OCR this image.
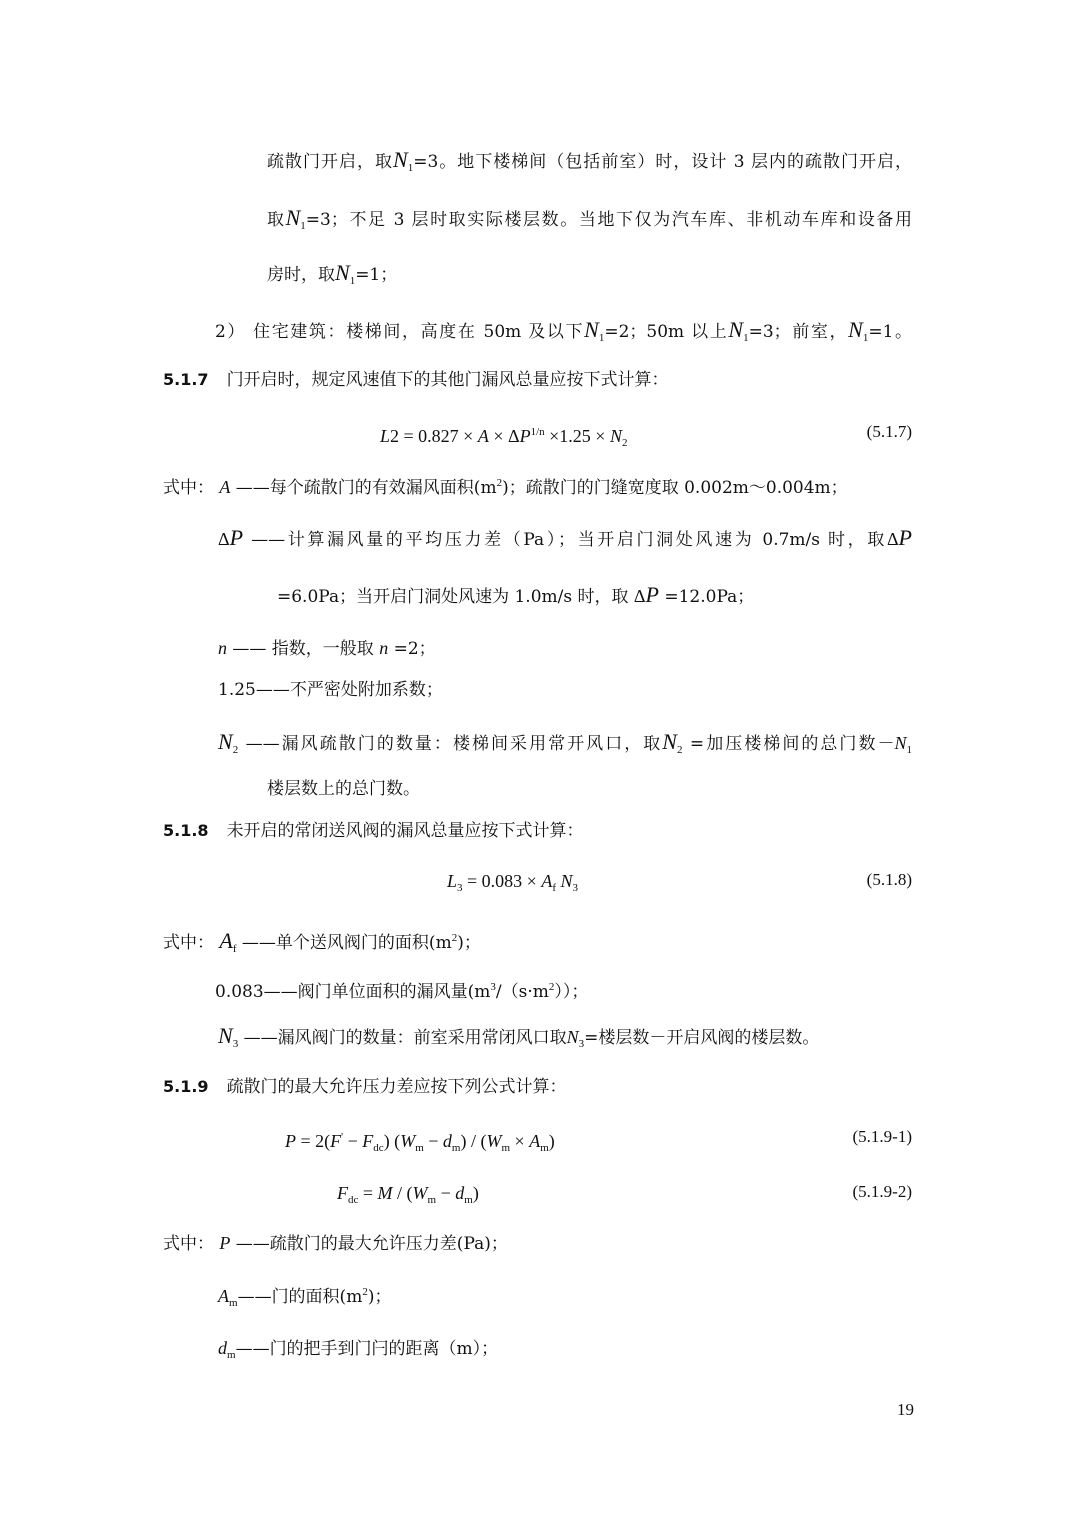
疏散门开启，取$N_1=3$。地下楼梯间（包括前室）时，设计 3 层内的疏散门开启，
取$N_1=3$；不足 3 层时取实际楼层数。当地下仅为汽车库、非机动车库和设备用
房时，取$N_1=1$；
2） 住宅建筑：楼梯间，高度在 50m 及以下$N_1=2$；50m 以上$N_1=3$；前室，$N_1=1$。
5.1.7 门开启时，规定风速值下的其他门漏风总量应按下式计算：
$L2 = 0.827 \times A \times \Delta P^{1/n} \times 1.25 \times N_2$
(5.1.7)
式中： A ——每个疏散门的有效漏风面积$(m^2)$；疏散门的门缝宽度取 0.002m～0.004m；
ΔP ——计算漏风量的平均压力差（Pa）；当开启门洞处风速为 0.7m/s 时，取ΔP
=6.0Pa；当开启门洞处风速为 1.0m/s 时，取 ΔP =12.0Pa；
n —— 指数，一般取 n =2；
1.25——不严密处附加系数；
$N_2$ ——漏风疏散门的数量：楼梯间采用常开风口，取$N_2$ =加压楼梯间的总门数$-N_1$
楼层数上的总门数。
5.1.8 未开启的常闭送风阀的漏风总量应按下式计算：
$L_3 = 0.083 \times A_f$ $N_3$	(5.1.8)
式中： $A_f$ ——单个送风阀门的面积$(m^2)$；
0.083——阀门单位面积的漏风量$(m^3/(s\cdot m^2))$；
$N_3$ ——漏风阀门的数量：前室采用常闭风口取$N_3=$楼层数－开启风阀的楼层数。
5.1.9 疏散门的最大允许压力差应按下列公式计算：
$P = 2(F' - F_{dc})$ $(W_m - d_m) / (W_m \times A_m)$	(5.1.9-1)
$F_{dc} = M / (W_m - d_m)$	(5.1.9-2)
式中： P ——疏散门的最大允许压力差(Pa)；
$A_m——$门的面积$(m^2)$；
$d_m——$门的把手到门闩的距离（m）；
19
